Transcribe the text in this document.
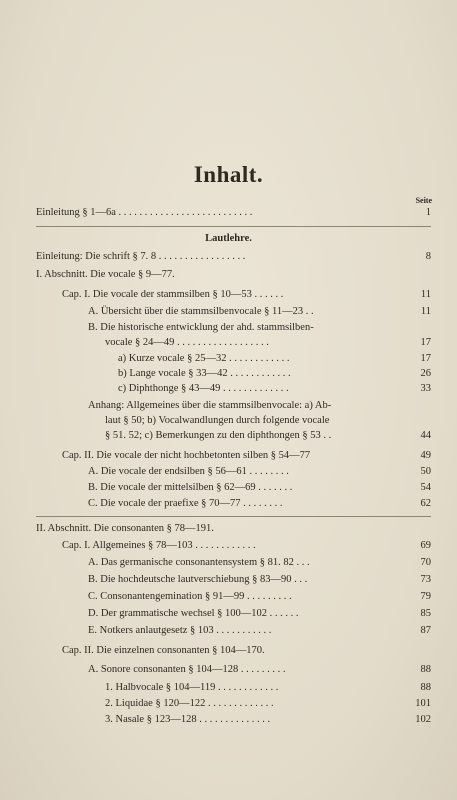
Inhalt.
Seite
Einleitung § 1—6a . . . . . . . . . . . . . . . . . . . . . . . . . .	1
Lautlehre.
Einleitung: Die schrift § 7. 8 . . . . . . . . . . . . . . . . .	8
I. Abschnitt. Die vocale § 9—77.
Cap. I. Die vocale der stammsilben § 10—53 . . . . . .	11
A. Übersicht über die stammsilbenvocale § 11—23 . .	11
B. Die historische entwicklung der ahd. stammsilben-
vocale § 24—49 . . . . . . . . . . . . . . . . . .	17
a) Kurze vocale § 25—32 . . . . . . . . . . . .	17
b) Lange vocale § 33—42 . . . . . . . . . . . .	26
c) Diphthonge § 43—49 . . . . . . . . . . . . .	33
Anhang: Allgemeines über die stammsilbenvocale: a) Ab-
laut § 50; b) Vocalwandlungen durch folgende vocale
§ 51. 52; c) Bemerkungen zu den diphthongen § 53 . .	44
Cap. II. Die vocale der nicht hochbetonten silben § 54—77	49
A. Die vocale der endsilben § 56—61 . . . . . . . .	50
B. Die vocale der mittelsilben § 62—69 . . . . . . .	54
C. Die vocale der praefixe § 70—77 . . . . . . . .	62
II. Abschnitt. Die consonanten § 78—191.
Cap. I. Allgemeines § 78—103 . . . . . . . . . . . .	69
A. Das germanische consonantensystem § 81. 82 . . .	70
B. Die hochdeutsche lautverschiebung § 83—90 . . .	73
C. Consonantengemination § 91—99 . . . . . . . . .	79
D. Der grammatische wechsel § 100—102 . . . . . .	85
E. Notkers anlautgesetz § 103 . . . . . . . . . . .	87
Cap. II. Die einzelnen consonanten § 104—170.
A. Sonore consonanten § 104—128 . . . . . . . . .	88
1. Halbvocale § 104—119 . . . . . . . . . . . .	88
2. Liquidae § 120—122 . . . . . . . . . . . . .	101
3. Nasale § 123—128 . . . . . . . . . . . . . .	102
